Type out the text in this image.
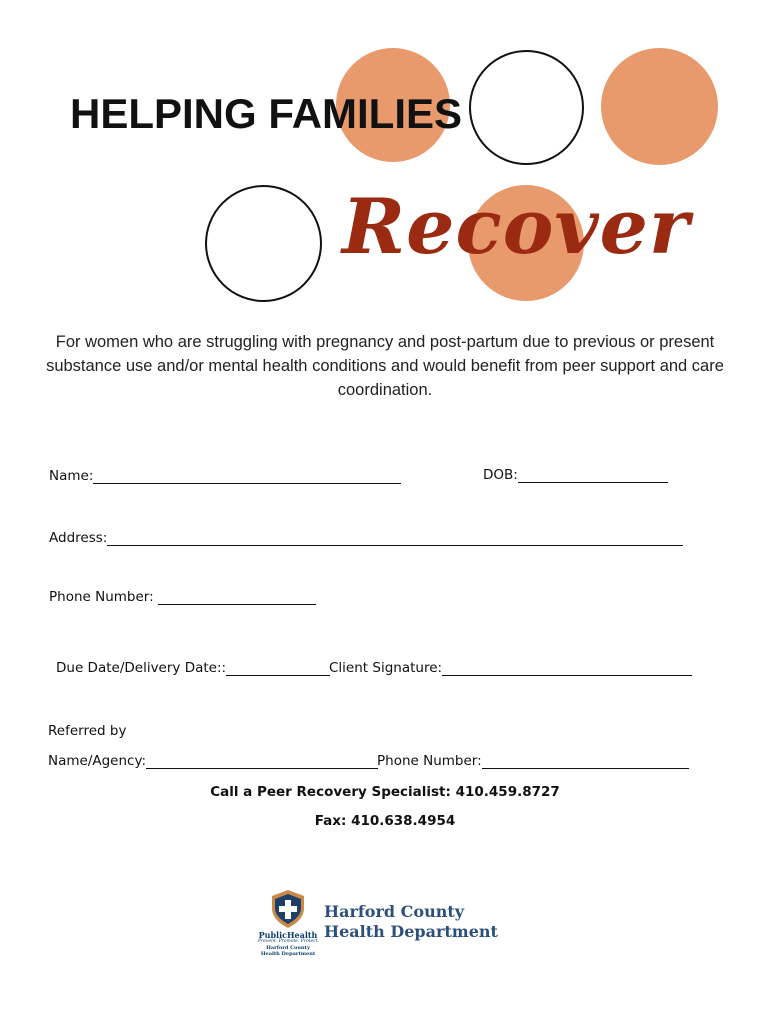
HELPING FAMILIES
Recover

For women who are struggling with pregnancy and post-partum due to previous or present substance use and/or mental health conditions and would benefit from peer support and care coordination.

Name:	DOB:
Address:
Phone Number:
Due Date/Delivery Date::	Client Signature:
Referred by
Name/Agency:	Phone Number:
Call a Peer Recovery Specialist: 410.459.8727
Fax: 410.638.4954
PublicHealth
Prevent. Promote. Protect.
Harford County
Health Department
Harford County
Health Department
